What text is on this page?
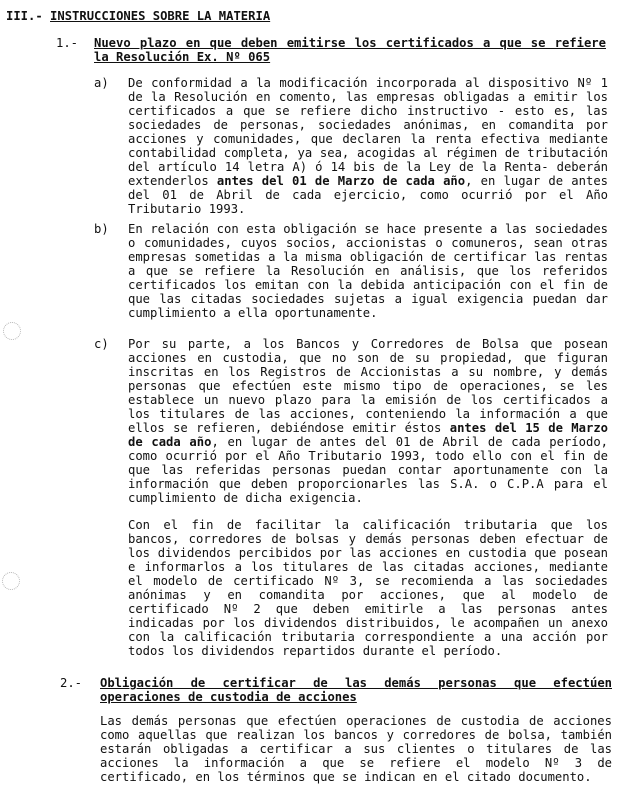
III.- INSTRUCCIONES SOBRE LA MATERIA
1.- Nuevo plazo en que deben emitirse los certificados a que se refiere la Resolución Ex. Nº 065
a) De conformidad a la modificación incorporada al dispositivo Nº 1 de la Resolución en comento, las empresas obligadas a emitir los certificados a que se refiere dicho instructivo - esto es, las sociedades de personas, sociedades anónimas, en comandita por acciones y comunidades, que declaren la renta efectiva mediante contabilidad completa, ya sea, acogidas al régimen de tributación del artículo 14 letra A) ó 14 bis de la Ley de la Renta- deberán extenderlos antes del 01 de Marzo de cada año, en lugar de antes del 01 de Abril de cada ejercicio, como ocurrió por el Año Tributario 1993.
b) En relación con esta obligación se hace presente a las sociedades o comunidades, cuyos socios, accionistas o comuneros, sean otras empresas sometidas a la misma obligación de certificar las rentas a que se refiere la Resolución en análisis, que los referidos certificados los emitan con la debida anticipación con el fin de que las citadas sociedades sujetas a igual exigencia puedan dar cumplimiento a ella oportunamente.
c) Por su parte, a los Bancos y Corredores de Bolsa que posean acciones en custodia, que no son de su propiedad, que figuran inscritas en los Registros de Accionistas a su nombre, y demás personas que efectúen este mismo tipo de operaciones, se les establece un nuevo plazo para la emisión de los certificados a los titulares de las acciones, conteniendo la información a que ellos se refieren, debiéndose emitir éstos antes del 15 de Marzo de cada año, en lugar de antes del 01 de Abril de cada período, como ocurrió por el Año Tributario 1993, todo ello con el fin de que las referidas personas puedan contar aportunamente con la información que deben proporcionarles las S.A. o C.P.A para el cumplimiento de dicha exigencia.
Con el fin de facilitar la calificación tributaria que los bancos, corredores de bolsas y demás personas deben efectuar de los dividendos percibidos por las acciones en custodia que posean e informarlos a los titulares de las citadas acciones, mediante el modelo de certificado Nº 3, se recomienda a las sociedades anónimas y en comandita por acciones, que al modelo de certificado Nº 2 que deben emitirle a las personas antes indicadas por los dividendos distribuidos, le acompañen un anexo con la calificación tributaria correspondiente a una acción por todos los dividendos repartidos durante el período.
2.- Obligación de certificar de las demás personas que efectúen operaciones de custodia de acciones
Las demás personas que efectúen operaciones de custodia de acciones como aquellas que realizan los bancos y corredores de bolsa, también estarán obligadas a certificar a sus clientes o titulares de las acciones la información a que se refiere el modelo Nº 3 de certificado, en los términos que se indican en el citado documento.
